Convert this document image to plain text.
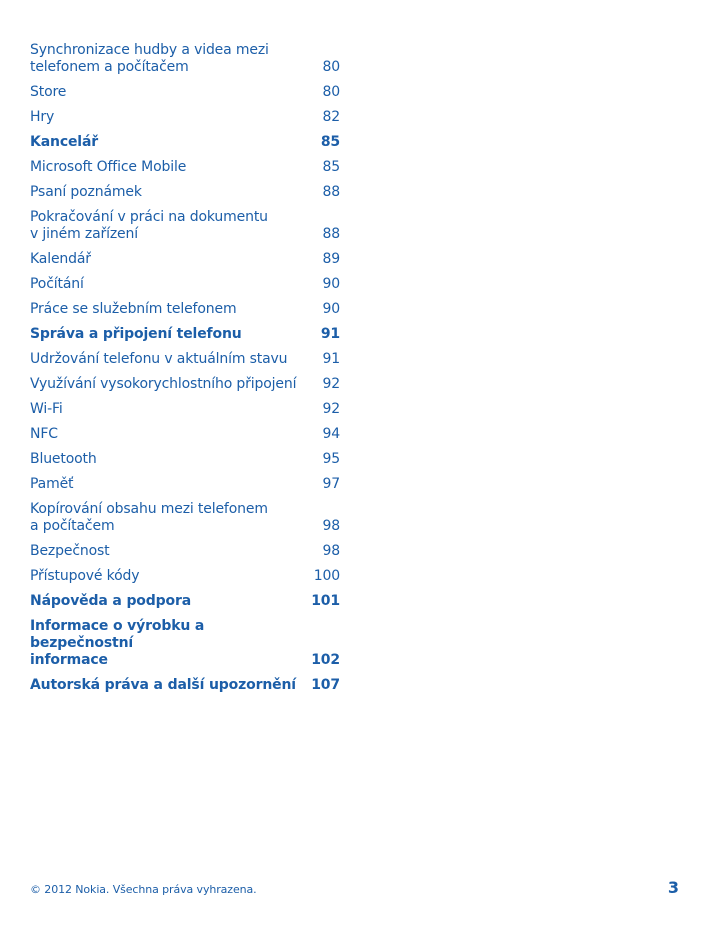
Synchronizace hudby a videa mezi
telefonem a počítačem	80
Store	80
Hry	82
Kancelář	85
Microsoft Office Mobile	85
Psaní poznámek	88
Pokračování v práci na dokumentu
v jiném zařízení	88
Kalendář	89
Počítání	90
Práce se služebním telefonem	90
Správa a připojení telefonu	91
Udržování telefonu v aktuálním stavu	91
Využívání vysokorychlostního připojení	92
Wi-Fi	92
NFC	94
Bluetooth	95
Paměť	97
Kopírování obsahu mezi telefonem
a počítačem	98
Bezpečnost	98
Přístupové kódy	100
Nápověda a podpora	101
Informace o výrobku a bezpečnostní
informace	102
Autorská práva a další upozornění	107
© 2012 Nokia. Všechna práva vyhrazena.	3
